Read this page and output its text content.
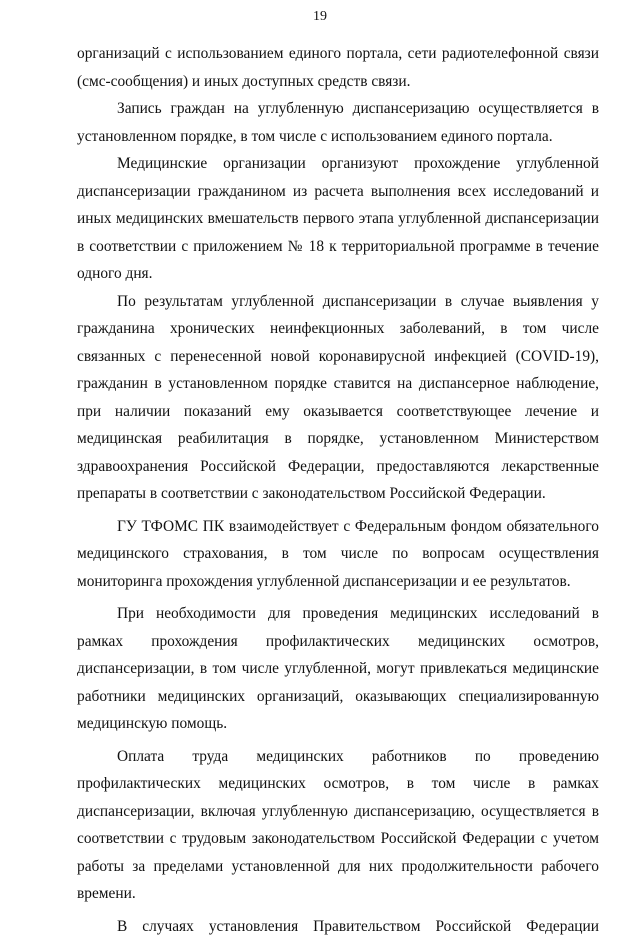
19

организаций с использованием единого портала, сети радиотелефонной связи (смс-сообщения) и иных доступных средств связи.

Запись граждан на углубленную диспансеризацию осуществляется в установленном порядке, в том числе с использованием единого портала.

Медицинские организации организуют прохождение углубленной диспансеризации гражданином из расчета выполнения всех исследований и иных медицинских вмешательств первого этапа углубленной диспансеризации в соответствии с приложением № 18 к территориальной программе в течение одного дня.

По результатам углубленной диспансеризации в случае выявления у гражданина хронических неинфекционных заболеваний, в том числе связанных с перенесенной новой коронавирусной инфекцией (COVID-19), гражданин в установленном порядке ставится на диспансерное наблюдение, при наличии показаний ему оказывается соответствующее лечение и медицинская реабилитация в порядке, установленном Министерством здравоохранения Российской Федерации, предоставляются лекарственные препараты в соответствии с законодательством Российской Федерации.

ГУ ТФОМС ПК взаимодействует с Федеральным фондом обязательного медицинского страхования, в том числе по вопросам осуществления мониторинга прохождения углубленной диспансеризации и ее результатов.

При необходимости для проведения медицинских исследований в рамках прохождения профилактических медицинских осмотров, диспансеризации, в том числе углубленной, могут привлекаться медицинские работники медицинских организаций, оказывающих специализированную медицинскую помощь.

Оплата труда медицинских работников по проведению профилактических медицинских осмотров, в том числе в рамках диспансеризации, включая углубленную диспансеризацию, осуществляется в соответствии с трудовым законодательством Российской Федерации с учетом работы за пределами установленной для них продолжительности рабочего времени.

В случаях установления Правительством Российской Федерации
